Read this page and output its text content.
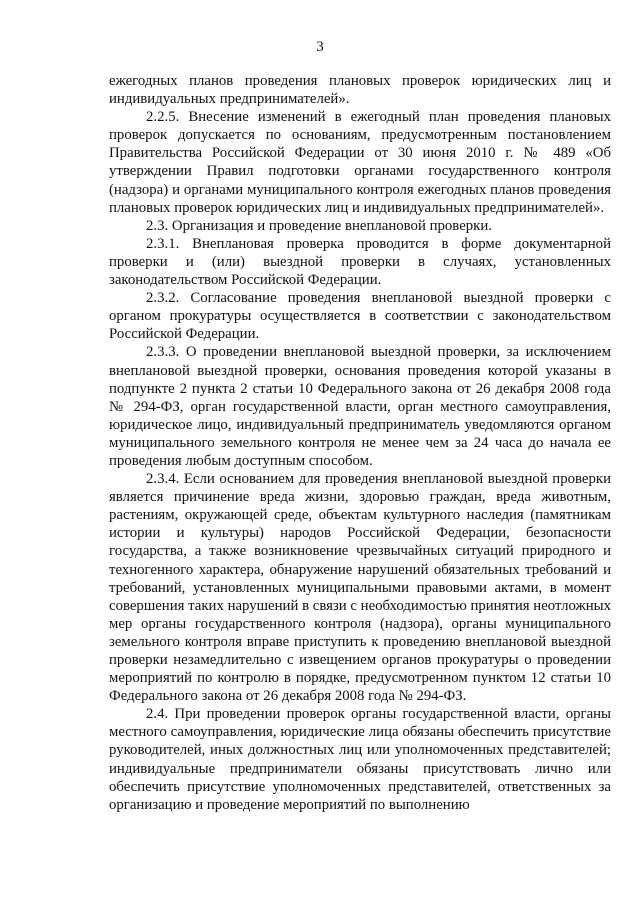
3

ежегодных планов проведения плановых проверок юридических лиц и индивидуальных предпринимателей».

2.2.5. Внесение изменений в ежегодный план проведения плановых проверок допускается по основаниям, предусмотренным постановлением Правительства Российской Федерации от 30 июня 2010 г. № 489 «Об утверждении Правил подготовки органами государственного контроля (надзора) и органами муниципального контроля ежегодных планов проведения плановых проверок юридических лиц и индивидуальных предпринимателей».

2.3. Организация и проведение внеплановой проверки.

2.3.1. Внеплановая проверка проводится в форме документарной проверки и (или) выездной проверки в случаях, установленных законодательством Российской Федерации.

2.3.2. Согласование проведения внеплановой выездной проверки с органом прокуратуры осуществляется в соответствии с законодательством Российской Федерации.

2.3.3. О проведении внеплановой выездной проверки, за исключением внеплановой выездной проверки, основания проведения которой указаны в подпункте 2 пункта 2 статьи 10 Федерального закона от 26 декабря 2008 года № 294-ФЗ, орган государственной власти, орган местного самоуправления, юридическое лицо, индивидуальный предприниматель уведомляются органом муниципального земельного контроля не менее чем за 24 часа до начала ее проведения любым доступным способом.

2.3.4. Если основанием для проведения внеплановой выездной проверки является причинение вреда жизни, здоровью граждан, вреда животным, растениям, окружающей среде, объектам культурного наследия (памятникам истории и культуры) народов Российской Федерации, безопасности государства, а также возникновение чрезвычайных ситуаций природного и техногенного характера, обнаружение нарушений обязательных требований и требований, установленных муниципальными правовыми актами, в момент совершения таких нарушений в связи с необходимостью принятия неотложных мер органы государственного контроля (надзора), органы муниципального земельного контроля вправе приступить к проведению внеплановой выездной проверки незамедлительно с извещением органов прокуратуры о проведении мероприятий по контролю в порядке, предусмотренном пунктом 12 статьи 10 Федерального закона от 26 декабря 2008 года № 294-ФЗ.

2.4. При проведении проверок органы государственной власти, органы местного самоуправления, юридические лица обязаны обеспечить присутствие руководителей, иных должностных лиц или уполномоченных представителей; индивидуальные предприниматели обязаны присутствовать лично или обеспечить присутствие уполномоченных представителей, ответственных за организацию и проведение мероприятий по выполнению
